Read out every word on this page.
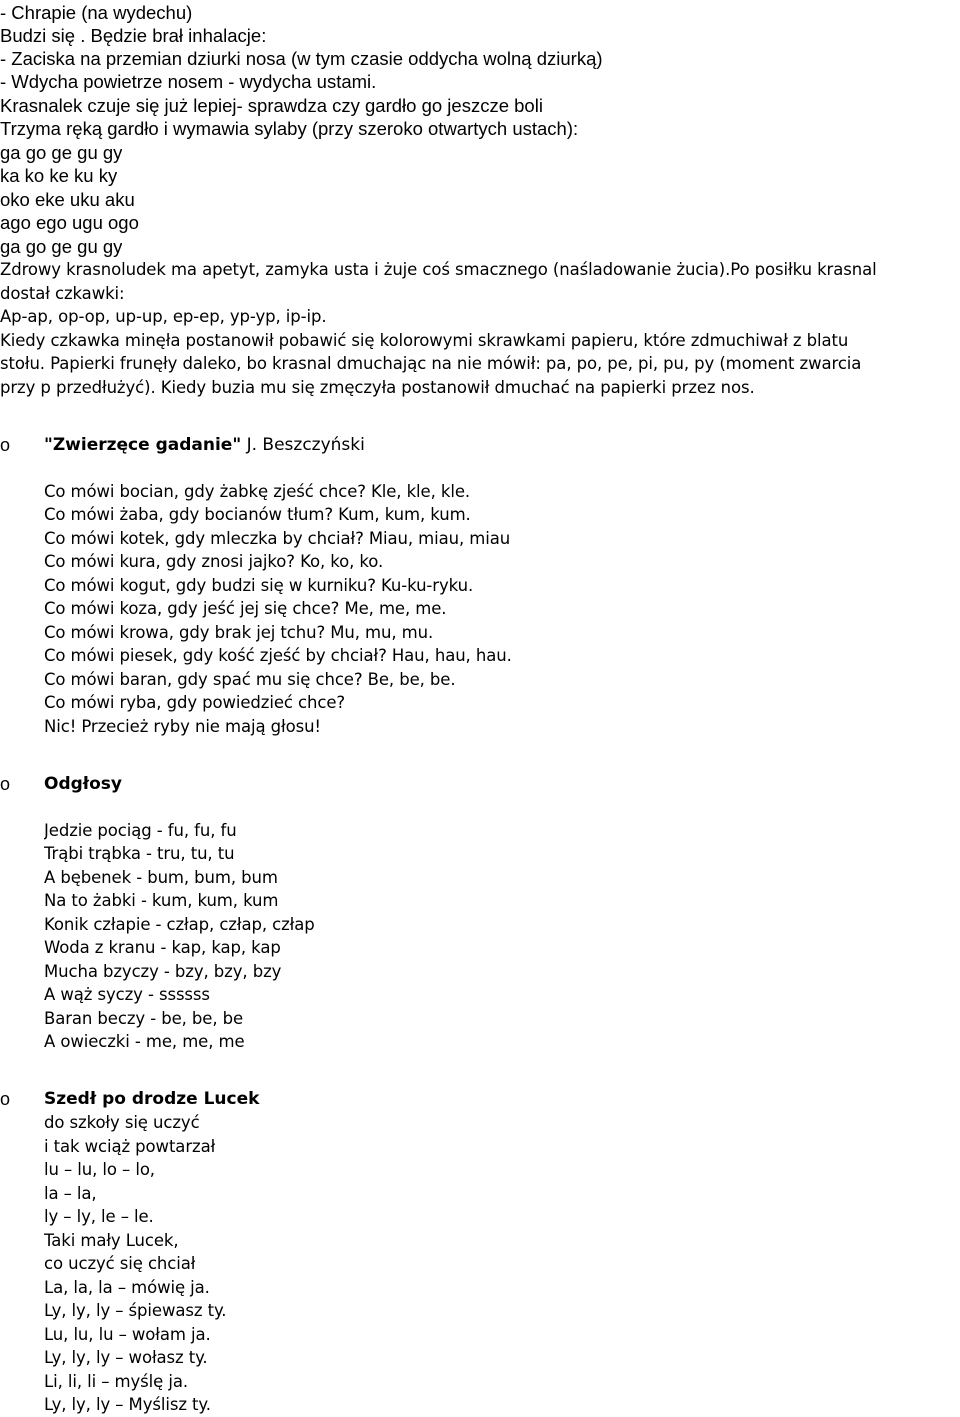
- Chrapie (na wydechu)
Budzi się . Będzie brał inhalacje:
- Zaciska na przemian dziurki nosa (w tym czasie oddycha wolną dziurką)
- Wdycha powietrze nosem - wydycha ustami.
Krasnalek czuje się już lepiej- sprawdza czy gardło go jeszcze boli
Trzyma ręką gardło i wymawia sylaby (przy szeroko otwartych ustach):
ga go ge gu gy
ka ko ke ku ky
oko eke uku aku
ago ego ugu ogo
ga go ge gu gy
Zdrowy krasnoludek ma apetyt, zamyka usta i żuje coś smacznego (naśladowanie żucia).Po posiłku krasnal
dostał czkawki:
Ap-ap, op-op, up-up, ep-ep, yp-yp, ip-ip.
Kiedy czkawka minęła postanowił pobawić się kolorowymi skrawkami papieru, które zdmuchiwał z blatu
stołu. Papierki frunęły daleko, bo krasnal dmuchając na nie mówił: pa, po, pe, pi, pu, py (moment zwarcia
przy p przedłużyć). Kiedy buzia mu się zmęczyła postanowił dmuchać na papierki przez nos.
o "Zwierzęce gadanie" J. Beszczyński
Co mówi bocian, gdy żabkę zjeść chce? Kle, kle, kle.
Co mówi żaba, gdy bocianów tłum? Kum, kum, kum.
Co mówi kotek, gdy mleczka by chciał? Miau, miau, miau
Co mówi kura, gdy znosi jajko? Ko, ko, ko.
Co mówi kogut, gdy budzi się w kurniku? Ku-ku-ryku.
Co mówi koza, gdy jeść jej się chce? Me, me, me.
Co mówi krowa, gdy brak jej tchu? Mu, mu, mu.
Co mówi piesek, gdy kość zjeść by chciał? Hau, hau, hau.
Co mówi baran, gdy spać mu się chce? Be, be, be.
Co mówi ryba, gdy powiedzieć chce?
Nic! Przecież ryby nie mają głosu!
o Odgłosy
Jedzie pociąg - fu, fu, fu
Trąbi trąbka - tru, tu, tu
A bębenek - bum, bum, bum
Na to żabki - kum, kum, kum
Konik człapie - człap, człap, człap
Woda z kranu - kap, kap, kap
Mucha bzyczy - bzy, bzy, bzy
A wąż syczy - ssssss
Baran beczy - be, be, be
A owieczki - me, me, me
o Szedł po drodze Lucek
do szkoły się uczyć
i tak wciąż powtarzał
lu – lu, lo – lo,
la – la,
ly – ly, le – le.
Taki mały Lucek,
co uczyć się chciał
La, la, la – mówię ja.
Ly, ly, ly – śpiewasz ty.
Lu, lu, lu – wołam ja.
Ly, ly, ly – wołasz ty.
Li, li, li – myślę ja.
Ly, ly, ly – Myślisz ty.
